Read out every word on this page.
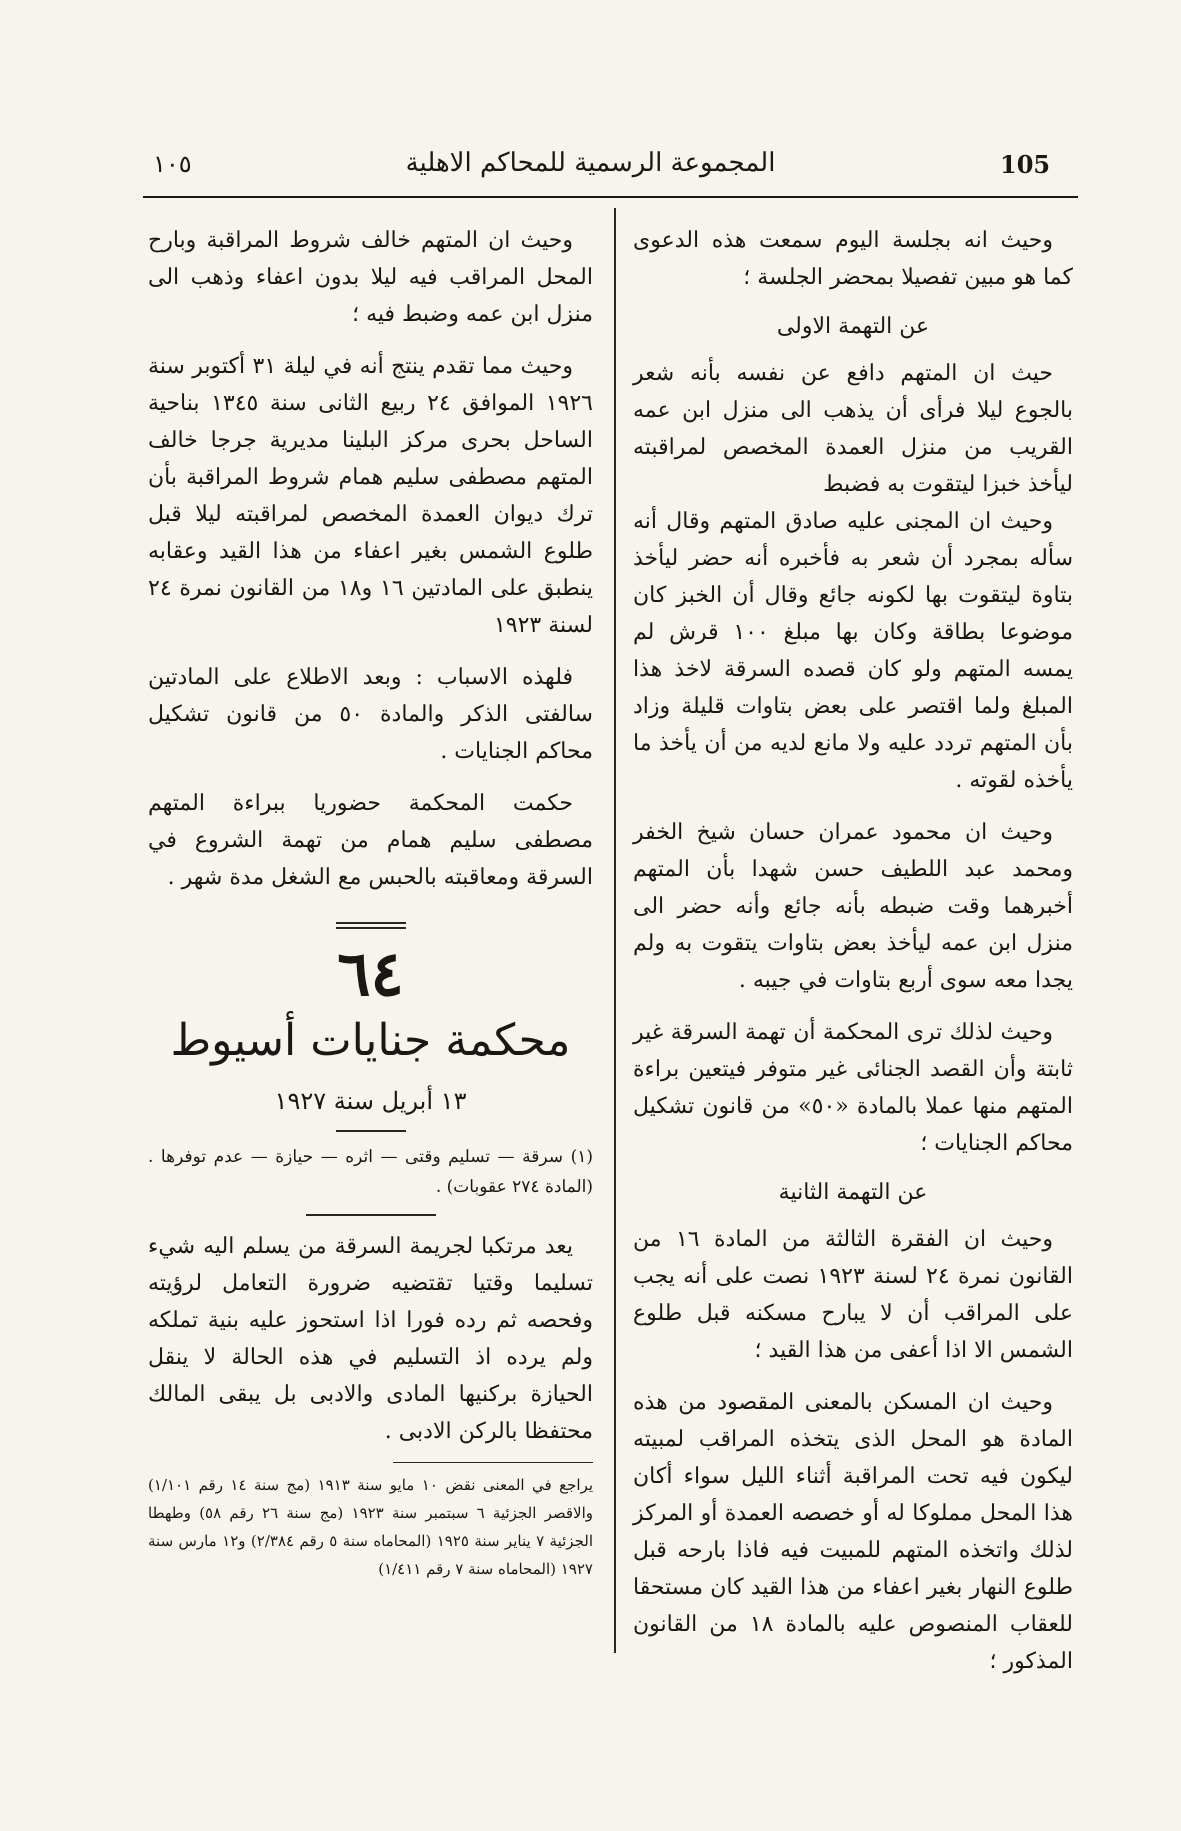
١٠٥	المجموعة الرسمية للمحاكم الاهلية	105

وحيث انه بجلسة اليوم سمعت هذه الدعوى كما هو مبين تفصيلا بمحضر الجلسة ؛

عن التهمة الاولى

حيث ان المتهم دافع عن نفسه بأنه شعر بالجوع ليلا فرأى أن يذهب الى منزل ابن عمه القريب من منزل العمدة المخصص لمراقبته ليأخذ خبزا ليتقوت به فضبط

وحيث ان المجنى عليه صادق المتهم وقال أنه سأله بمجرد أن شعر به فأخبره أنه حضر ليأخذ بتاوة ليتقوت بها لكونه جائع وقال أن الخبز كان موضوعا بطاقة وكان بها مبلغ ١٠٠ قرش لم يمسه المتهم ولو كان قصده السرقة لاخذ هذا المبلغ ولما اقتصر على بعض بتاوات قليلة وزاد بأن المتهم تردد عليه ولا مانع لديه من أن يأخذ ما يأخذه لقوته .

وحيث ان محمود عمران حسان شيخ الخفر ومحمد عبد اللطيف حسن شهدا بأن المتهم أخبرهما وقت ضبطه بأنه جائع وأنه حضر الى منزل ابن عمه ليأخذ بعض بتاوات يتقوت به ولم يجدا معه سوى أربع بتاوات في جيبه .

وحيث لذلك ترى المحكمة أن تهمة السرقة غير ثابتة وأن القصد الجنائى غير متوفر فيتعين براءة المتهم منها عملا بالمادة «٥٠» من قانون تشكيل محاكم الجنايات ؛

عن التهمة الثانية

وحيث ان الفقرة الثالثة من المادة ١٦ من القانون نمرة ٢٤ لسنة ١٩٢٣ نصت على أنه يجب على المراقب أن لا يبارح مسكنه قبل طلوع الشمس الا اذا أعفى من هذا القيد ؛

وحيث ان المسكن بالمعنى المقصود من هذه المادة هو المحل الذى يتخذه المراقب لمبيته ليكون فيه تحت المراقبة أثناء الليل سواء أكان هذا المحل مملوكا له أو خصصه العمدة أو المركز لذلك واتخذه المتهم للمبيت فيه فاذا بارحه قبل طلوع النهار بغير اعفاء من هذا القيد كان مستحقا للعقاب المنصوص عليه بالمادة ١٨ من القانون المذكور ؛

وحيث ان المتهم خالف شروط المراقبة وبارح المحل المراقب فيه ليلا بدون اعفاء وذهب الى منزل ابن عمه وضبط فيه ؛

وحيث مما تقدم ينتج أنه في ليلة ٣١ أكتوبر سنة ١٩٢٦ الموافق ٢٤ ربيع الثانى سنة ١٣٤٥ بناحية الساحل بحرى مركز البلينا مديرية جرجا خالف المتهم مصطفى سليم همام شروط المراقبة بأن ترك ديوان العمدة المخصص لمراقبته ليلا قبل طلوع الشمس بغير اعفاء من هذا القيد وعقابه ينطبق على المادتين ١٦ و١٨ من القانون نمرة ٢٤ لسنة ١٩٢٣

فلهذه الاسباب : وبعد الاطلاع على المادتين سالفتى الذكر والمادة ٥٠ من قانون تشكيل محاكم الجنايات .

حكمت المحكمة حضوريا ببراءة المتهم مصطفى سليم همام من تهمة الشروع في السرقة ومعاقبته بالحبس مع الشغل مدة شهر .

٦٤
محكمة جنايات أسيوط
١٣ أبريل سنة ١٩٢٧

(١) سرقة — تسليم وقتى — اثره — حيازة — عدم توفرها . (المادة ٢٧٤ عقوبات) .

يعد مرتكبا لجريمة السرقة من يسلم اليه شيء تسليما وقتيا تقتضيه ضرورة التعامل لرؤيته وفحصه ثم رده فورا اذا استحوز عليه بنية تملكه ولم يرده اذ التسليم في هذه الحالة لا ينقل الحيازة بركنيها المادى والادبى بل يبقى المالك محتفظا بالركن الادبى .

يراجع في المعنى نقض ١٠ مايو سنة ١٩١٣ (مج سنة ١٤ رقم ١/١٠١) والاقصر الجزئية ٦ سبتمبر سنة ١٩٢٣ (مج سنة ٢٦ رقم ٥٨) وطهطا الجزئية ٧ يناير سنة ١٩٢٥ (المحاماه سنة ٥ رقم ٢/٣٨٤) و١٢ مارس سنة ١٩٢٧ (المحاماه سنة ٧ رقم ١/٤١١)
